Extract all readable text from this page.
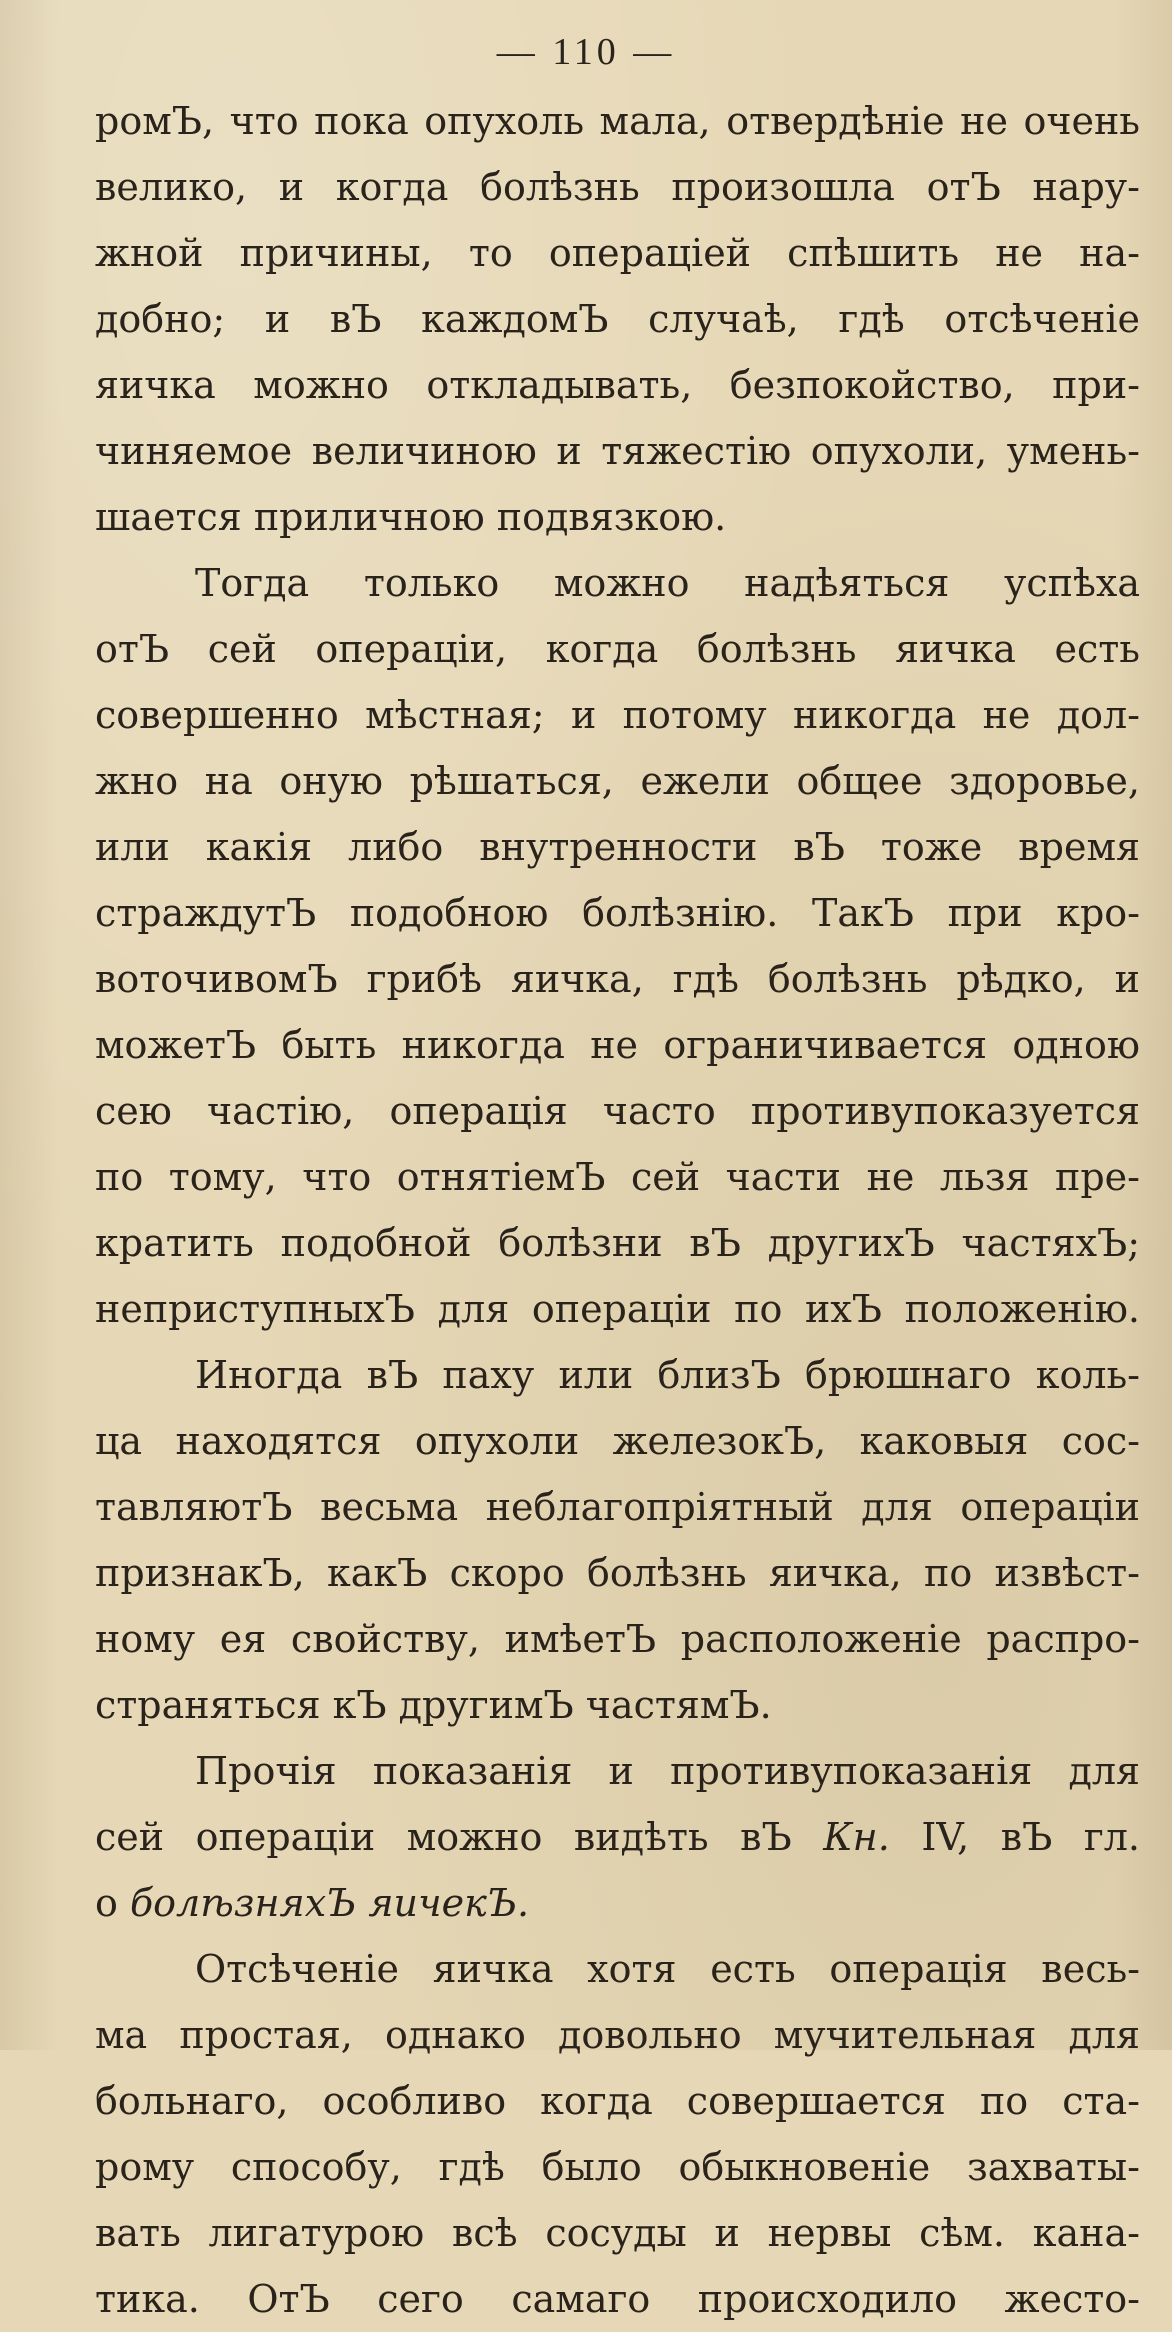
— 110 —
ромЪ, что пока опухоль мала, отвердѣніе не очень
велико, и когда болѣзнь произошла отЪ нару-
жной причины, то операціей спѣшить не на-
добно; и вЪ каждомЪ случаѣ, гдѣ отсѣченіе
яичка можно откладывать, безпокойство, при-
чиняемое величиною и тяжестію опухоли, умень-
шается приличною подвязкою.
Тогда только можно надѣяться успѣха
отЪ сей операціи, когда болѣзнь яичка есть
совершенно мѣстная; и потому никогда не дол-
жно на оную рѣшаться, ежели общее здоровье,
или какія либо внутренности вЪ тоже время
страждутЪ подобною болѣзнію. ТакЪ при кро-
воточивомЪ грибѣ яичка, гдѣ болѣзнь рѣдко, и
можетЪ быть никогда не ограничивается одною
сею частію, операція часто противупоказуется
по тому, что отнятіемЪ сей части не льзя пре-
кратить подобной болѣзни вЪ другихЪ частяхЪ;
неприступныхЪ для операціи по ихЪ положенію.
Иногда вЪ паху или близЪ брюшнаго коль-
ца находятся опухоли железокЪ, каковыя сос-
тавляютЪ весьма неблагопріятный для операціи
признакЪ, какЪ скоро болѣзнь яичка, по извѣст-
ному ея свойству, имѣетЪ расположеніе распро-
страняться кЪ другимЪ частямЪ.
Прочія показанія и противупоказанія для
сей операціи можно видѣть вЪ Кн. IV, вЪ гл.
о болѣзняхЪ яичекЪ.
Отсѣченіе яичка хотя есть операція весь-
ма простая, однако довольно мучительная для
больнаго, особливо когда совершается по ста-
рому способу, гдѣ было обыкновеніе захваты-
вать лигатурою всѣ сосуды и нервы сѣм. кана-
тика. ОтЪ сего самаго происходило жесто-
